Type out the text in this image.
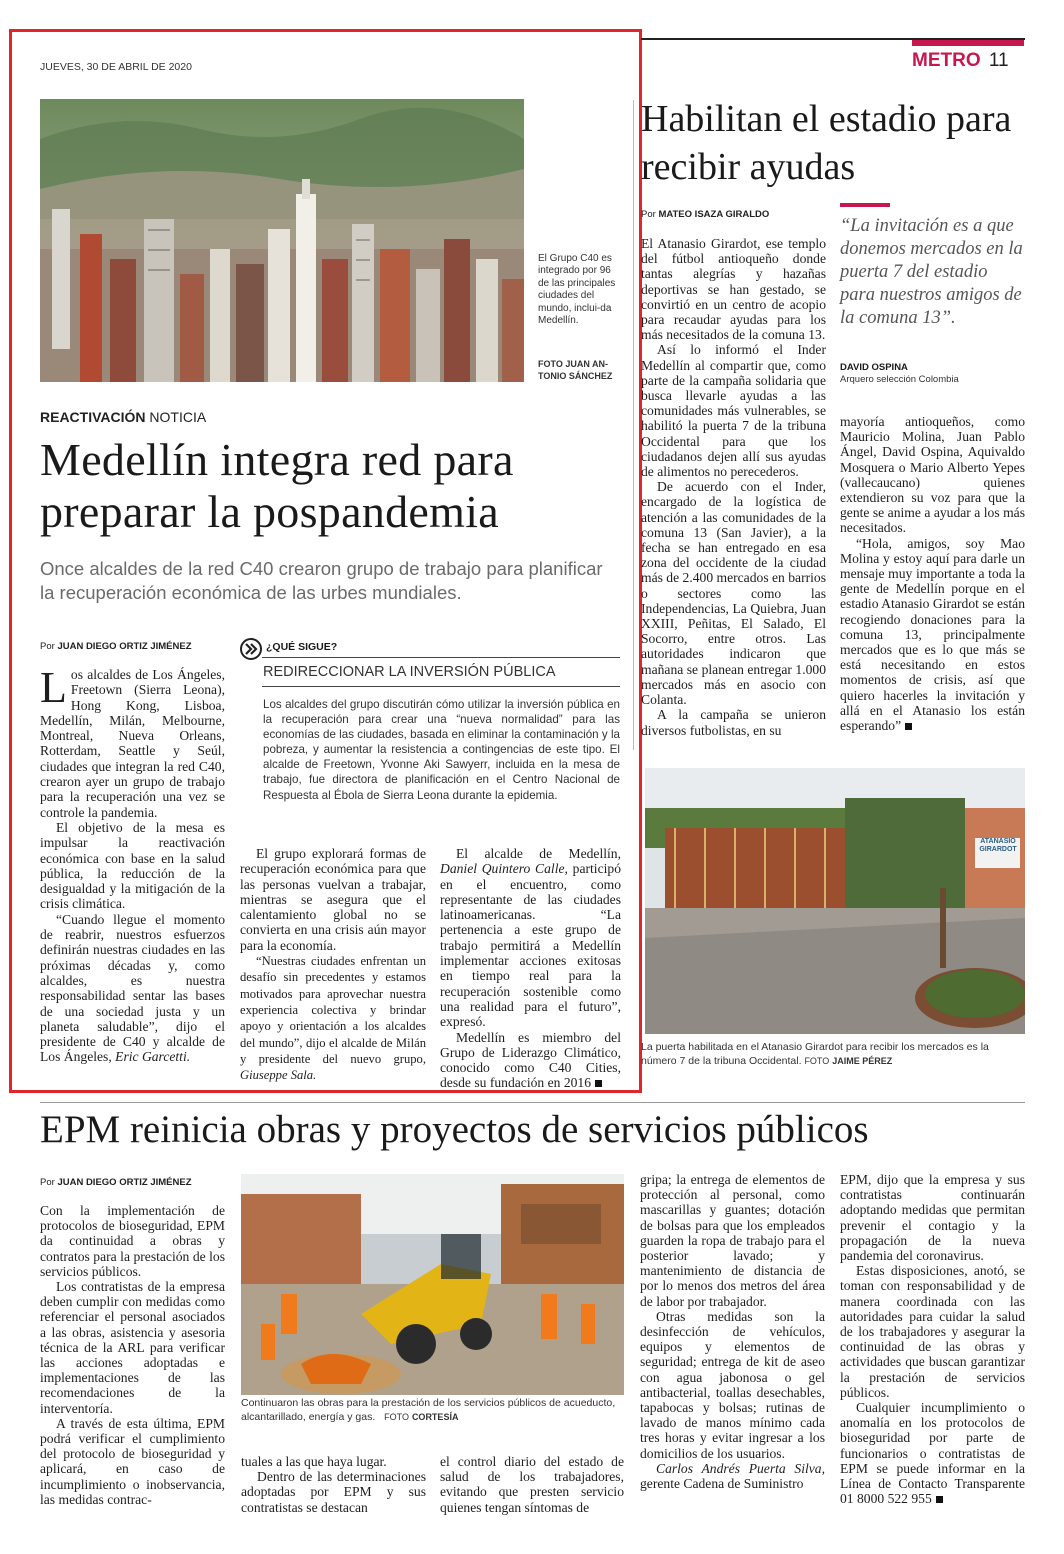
JUEVES, 30 DE ABRIL DE 2020	METRO 11
El Grupo C40 es integrado por 96 de las principales ciudades del mundo, inclui-da Medellín.
FOTO JUAN AN-TONIO SÁNCHEZ
REACTIVACIÓN NOTICIA
Medellín integra red para preparar la pospandemia
Once alcaldes de la red C40 crearon grupo de trabajo para planificar la recuperación económica de las urbes mundiales.
Por JUAN DIEGO ORTIZ JIMÉNEZ

Los alcaldes de Los Ángeles, Freetown (Sierra Leona), Hong Kong, Lisboa, Medellín, Milán, Melbourne, Montreal, Nueva Orleans, Rotterdam, Seattle y Seúl, ciudades que integran la red C40, crearon ayer un grupo de trabajo para la recuperación una vez se controle la pandemia.

El objetivo de la mesa es impulsar la reactivación económica con base en la salud pública, la reducción de la desigualdad y la mitigación de la crisis climática.

“Cuando llegue el momento de reabrir, nuestros esfuerzos definirán nuestras ciudades en las próximas décadas y, como alcaldes, es nuestra responsabilidad sentar las bases de una sociedad justa y un planeta saludable”, dijo el presidente de C40 y alcalde de Los Ángeles, Eric Garcetti.

¿QUÉ SIGUE?
REDIRECCIONAR LA INVERSIÓN PÚBLICA
Los alcaldes del grupo discutirán cómo utilizar la inversión pública en la recuperación para crear una “nueva normalidad” para las economías de las ciudades, basada en eliminar la contaminación y la pobreza, y aumentar la resistencia a contingencias de este tipo. El alcalde de Freetown, Yvonne Aki Sawyerr, incluida en la mesa de trabajo, fue directora de planificación en el Centro Nacional de Respuesta al Ébola de Sierra Leona durante la epidemia.

El grupo explorará formas de recuperación económica para que las personas vuelvan a trabajar, mientras se asegura que el calentamiento global no se convierta en una crisis aún mayor para la economía.

“Nuestras ciudades enfrentan un desafío sin precedentes y estamos motivados para aprovechar nuestra experiencia colectiva y brindar apoyo y orientación a los alcaldes del mundo”, dijo el alcalde de Milán y presidente del nuevo grupo, Giuseppe Sala.

El alcalde de Medellín, Daniel Quintero Calle, participó en el encuentro, como representante de las ciudades latinoamericanas. “La pertenencia a este grupo de trabajo permitirá a Medellín implementar acciones exitosas en tiempo real para la recuperación sostenible como una realidad para el futuro”, expresó.

Medellín es miembro del Grupo de Liderazgo Climático, conocido como C40 Cities, desde su fundación en 2016

Habilitan el estadio para recibir ayudas
Por MATEO ISAZA GIRALDO
“La invitación es a que donemos mercados en la puerta 7 del estadio para nuestros amigos de la comuna 13”.
DAVID OSPINA
Arquero selección Colombia

El Atanasio Girardot, ese templo del fútbol antioqueño donde tantas alegrías y hazañas deportivas se han gestado, se convirtió en un centro de acopio para recaudar ayudas para los más necesitados de la comuna 13.

Así lo informó el Inder Medellín al compartir que, como parte de la campaña solidaria que busca llevarle ayudas a las comunidades más vulnerables, se habilitó la puerta 7 de la tribuna Occidental para que los ciudadanos dejen allí sus ayudas de alimentos no perecederos.

De acuerdo con el Inder, encargado de la logística de atención a las comunidades de la comuna 13 (San Javier), a la fecha se han entregado en esa zona del occidente de la ciudad más de 2.400 mercados en barrios o sectores como las Independencias, La Quiebra, Juan XXIII, Peñitas, El Salado, El Socorro, entre otros. Las autoridades indicaron que mañana se planean entregar 1.000 mercados más en asocio con Colanta.

A la campaña se unieron diversos futbolistas, en su

mayoría antioqueños, como Mauricio Molina, Juan Pablo Ángel, David Ospina, Aquivaldo Mosquera o Mario Alberto Yepes (vallecaucano) quienes extendieron su voz para que la gente se anime a ayudar a los más necesitados.

“Hola, amigos, soy Mao Molina y estoy aquí para darle un mensaje muy importante a toda la gente de Medellín porque en el estadio Atanasio Girardot se están recogiendo donaciones para la comuna 13, principalmente mercados que es lo que más se está necesitando en estos momentos de crisis, así que quiero hacerles la invitación y allá en el Atanasio los están esperando”

ATANASIO GIRARDOT
La puerta habilitada en el Atanasio Girardot para recibir los mercados es la número 7 de la tribuna Occidental. FOTO JAIME PÉREZ
EPM reinicia obras y proyectos de servicios públicos
Por JUAN DIEGO ORTIZ JIMÉNEZ

Con la implementación de protocolos de bioseguridad, EPM da continuidad a obras y contratos para la prestación de los servicios públicos.

Los contratistas de la empresa deben cumplir con medidas como referenciar el personal asociados a las obras, asistencia y asesoria técnica de la ARL para verificar las acciones adoptadas e implementaciones de las recomendaciones de la interventoría.

A través de esta última, EPM podrá verificar el cumplimiento del protocolo de bioseguridad y aplicará, en caso de incumplimiento o inobservancia, las medidas contrac-

Continuaron las obras para la prestación de los servicios públicos de acueducto, alcantarillado, energía y gas. FOTO CORTESÍA

tuales a las que haya lugar.

Dentro de las determinaciones adoptadas por EPM y sus contratistas se destacan

el control diario del estado de salud de los trabajadores, evitando que presten servicio quienes tengan síntomas de

gripa; la entrega de elementos de protección al personal, como mascarillas y guantes; dotación de bolsas para que los empleados guarden la ropa de trabajo para el posterior lavado; y mantenimiento de distancia de por lo menos dos metros del área de labor por trabajador.

Otras medidas son la desinfección de vehículos, equipos y elementos de seguridad; entrega de kit de aseo con agua jabonosa o gel antibacterial, toallas desechables, tapabocas y bolsas; rutinas de lavado de manos mínimo cada tres horas y evitar ingresar a los domicilios de los usuarios.

Carlos Andrés Puerta Silva, gerente Cadena de Suministro

EPM, dijo que la empresa y sus contratistas continuarán adoptando medidas que permitan prevenir el contagio y la propagación de la nueva pandemia del coronavirus.

Estas disposiciones, anotó, se toman con responsabilidad y de manera coordinada con las autoridades para cuidar la salud de los trabajadores y asegurar la continuidad de las obras y actividades que buscan garantizar la prestación de servicios públicos.

Cualquier incumplimiento o anomalía en los protocolos de bioseguridad por parte de funcionarios o contratistas de EPM se puede informar en la Línea de Contacto Transparente 01 8000 522 955
